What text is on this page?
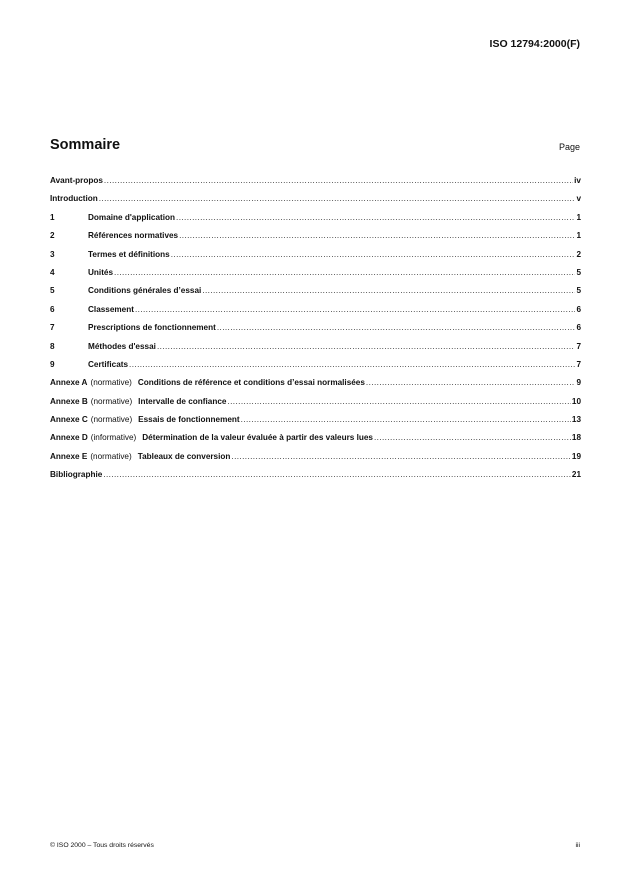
ISO 12794:2000(F)
Sommaire	Page
Avant-propos .....	iv
Introduction .....	v
1	Domaine d'application .....	1
2	Références normatives .....	1
3	Termes et définitions .....	2
4	Unités .....	5
5	Conditions générales d’essai .....	5
6	Classement .....	6
7	Prescriptions de fonctionnement .....	6
8	Méthodes d'essai .....	7
9	Certificats .....	7
Annexe A (normative) Conditions de référence et conditions d’essai normalisées .....	9
Annexe B (normative) Intervalle de confiance .....	10
Annexe C (normative) Essais de fonctionnement .....	13
Annexe D (informative) Détermination de la valeur évaluée à partir des valeurs lues .....	18
Annexe E (normative) Tableaux de conversion .....	19
Bibliographie .....	21
© ISO 2000 – Tous droits réservés	iii
